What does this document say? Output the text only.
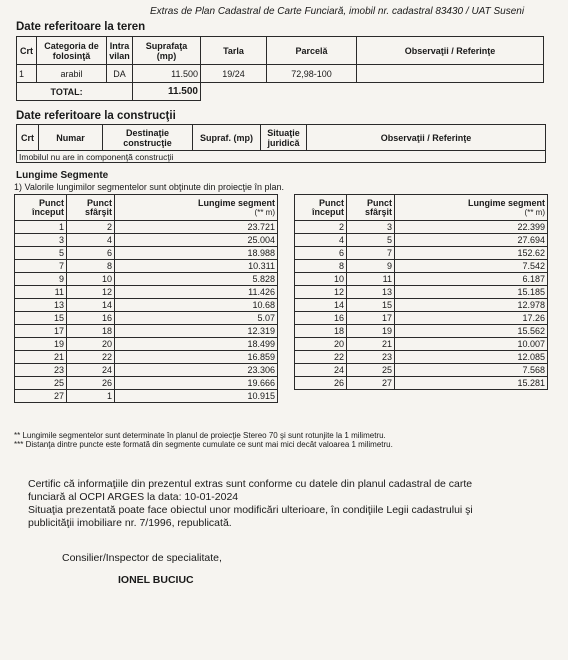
Extras de Plan Cadastral de Carte Funciară, imobil nr. cadastral 83430 / UAT Suseni
Date referitoare la teren
Crt	Categoria de folosinţă	Intra vilan	Suprafaţa (mp)	Tarla	Parcelă	Observaţii / Referinţe
1	arabil	DA	11.500	19/24	72,98-100	
	TOTAL:		11.500			
Date referitoare la construcţii
Crt	Numar	Destinaţie construcţie	Supraf. (mp)	Situaţie juridică	Observaţii / Referinţe
Imobilul nu are in componenţă construcţii
Lungime Segmente
1) Valorile lungimilor segmentelor sunt obţinute din proiecţie în plan.
Punct început	Punct sfârşit	Lungime segment
(** m)

1	2	23.721
3	4	25.004
5	6	18.988
7	8	10.311
9	10	5.828
11	12	11.426
13	14	10.68
15	16	5.07
17	18	12.319
19	20	18.499
21	22	16.859
23	24	23.306
25	26	19.666
27	1	10.915
Punct început	Punct sfârşit	Lungime segment
(** m)

2	3	22.399
4	5	27.694
6	7	152.62
8	9	7.542
10	11	6.187
12	13	15.185
14	15	12.978
16	17	17.26
18	19	15.562
20	21	10.007
22	23	12.085
24	25	7.568
26	27	15.281
** Lungimile segmentelor sunt determinate în planul de proiecţie Stereo 70 şi sunt rotunjite la 1 milimetru.
*** Distanţa dintre puncte este formată din segmente cumulate ce sunt mai mici decât valoarea 1 milimetru.
Certific că informaţiile din prezentul extras sunt conforme cu datele din planul cadastral de carte
funciară al OCPI ARGES la data: 10-01-2024
Situaţia prezentată poate face obiectul unor modificări ulterioare, în condiţiile Legii cadastrului şi
publicităţii imobiliare nr. 7/1996, republicată.
Consilier/Inspector de specialitate,
IONEL BUCIUC
